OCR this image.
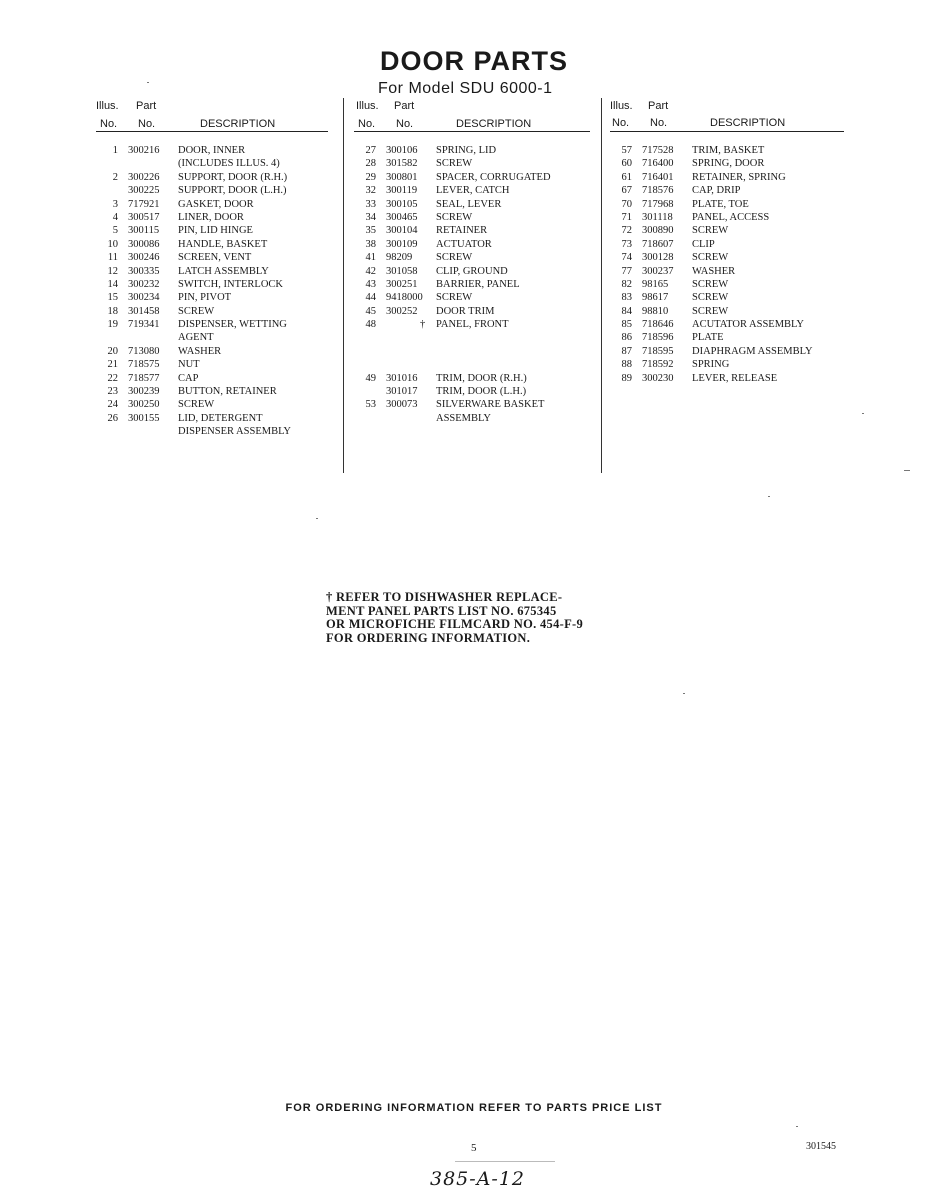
DOOR PARTS
For Model SDU 6000-1
Illus. Part
No. No.	DESCRIPTION
1 300216 DOOR, INNER
(INCLUDES ILLUS. 4)
2 300226 SUPPORT, DOOR (R.H.)
300225 SUPPORT, DOOR (L.H.)
3 717921 GASKET, DOOR
4 300517 LINER, DOOR
5 300115 PIN, LID HINGE
10 300086 HANDLE, BASKET
11 300246 SCREEN, VENT
12 300335 LATCH ASSEMBLY
14 300232 SWITCH, INTERLOCK
15 300234 PIN, PIVOT
18 301458 SCREW
19 719341 DISPENSER, WETTING
AGENT
20 713080 WASHER
21 718575 NUT
22 718577 CAP
23 300239 BUTTON, RETAINER
24 300250 SCREW
26 300155 LID, DETERGENT
DISPENSER ASSEMBLY
Illus. Part
No. No.	DESCRIPTION
27 300106 SPRING, LID
28 301582 SCREW
29 300801 SPACER, CORRUGATED
32 300119 LEVER, CATCH
33 300105 SEAL, LEVER
34 300465 SCREW
35 300104 RETAINER
38 300109 ACTUATOR
41 98209 SCREW
42 301058 CLIP, GROUND
43 300251 BARRIER, PANEL
44 9418000 SCREW
45 300252 DOOR TRIM
48	† PANEL, FRONT
49 301016 TRIM, DOOR (R.H.)
301017 TRIM, DOOR (L.H.)
53 300073 SILVERWARE BASKET
ASSEMBLY
Illus. Part
No. No.	DESCRIPTION
57 717528 TRIM, BASKET
60 716400 SPRING, DOOR
61 716401 RETAINER, SPRING
67 718576 CAP, DRIP
70 717968 PLATE, TOE
71 301118 PANEL, ACCESS
72 300890 SCREW
73 718607 CLIP
74 300128 SCREW
77 300237 WASHER
82 98165 SCREW
83 98617 SCREW
84 98810 SCREW
85 718646 ACUTATOR ASSEMBLY
86 718596 PLATE
87 718595 DIAPHRAGM ASSEMBLY
88 718592 SPRING
89 300230 LEVER, RELEASE
† REFER TO DISHWASHER REPLACE-
MENT PANEL PARTS LIST NO. 675345
OR MICROFICHE FILMCARD NO. 454-F-9
FOR ORDERING INFORMATION.
FOR ORDERING INFORMATION REFER TO PARTS PRICE LIST
5	301545
385-A-12
